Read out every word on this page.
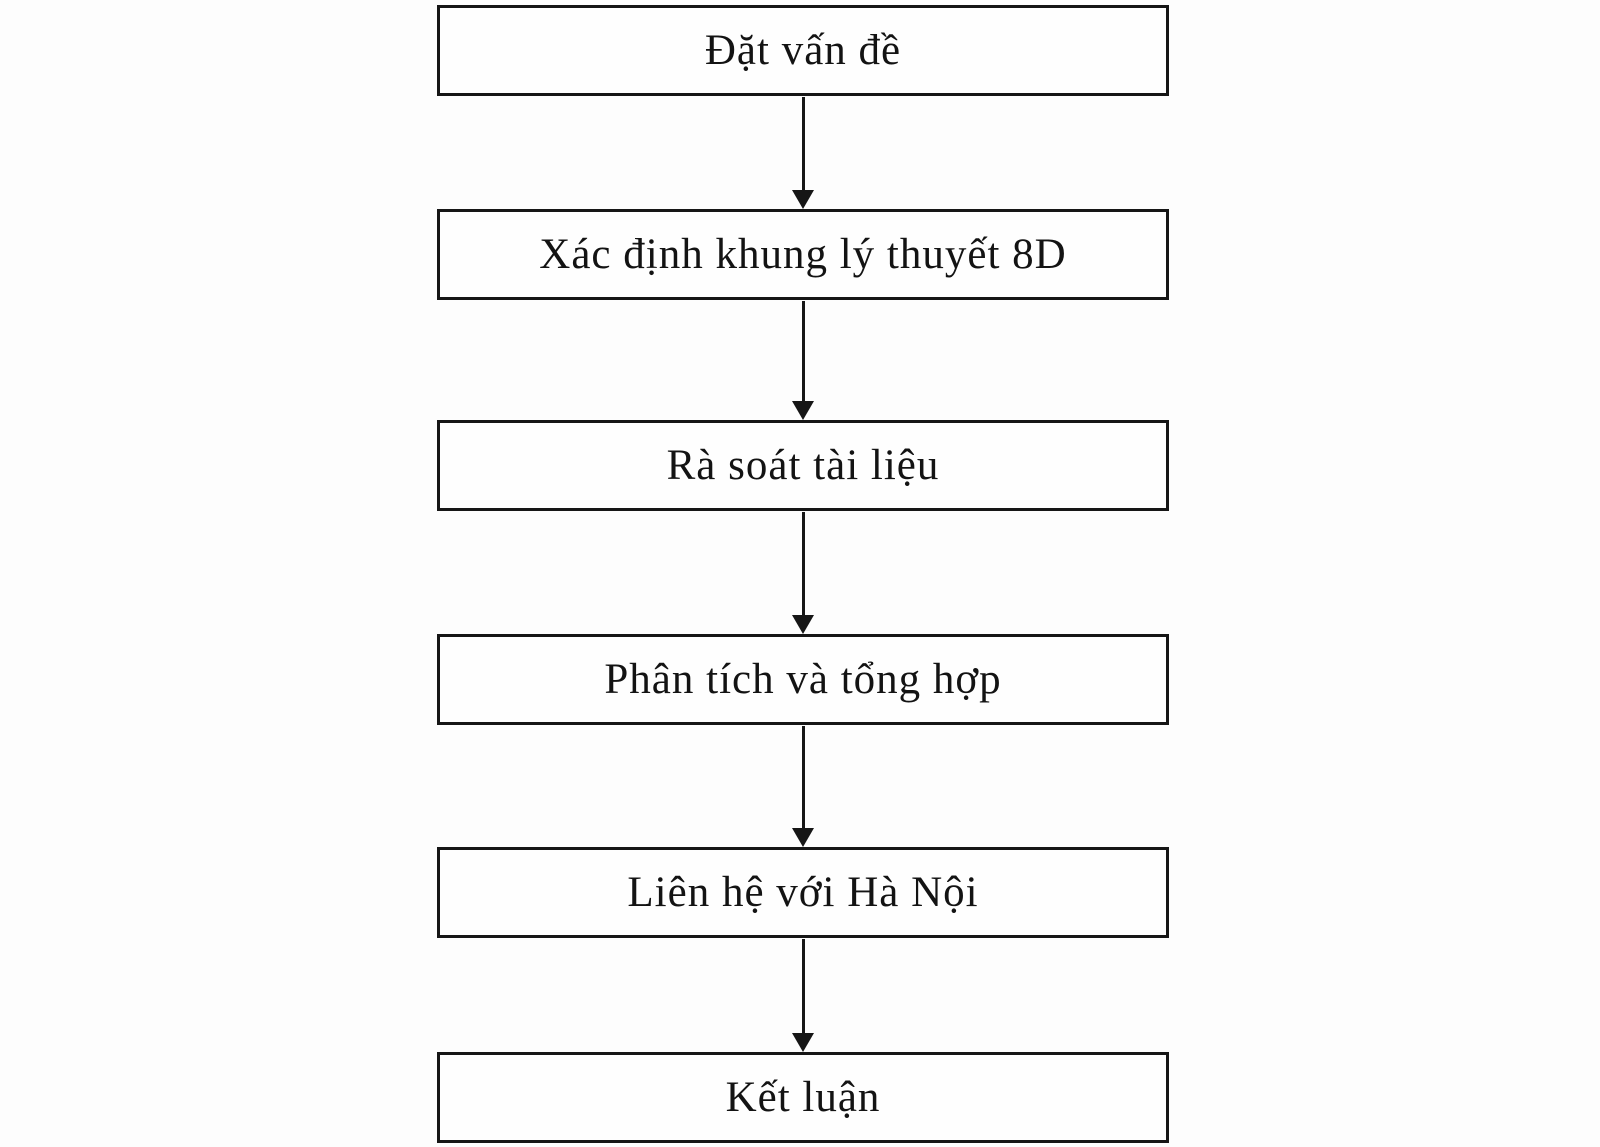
Đặt vấn đề
Xác định khung lý thuyết 8D
Rà soát tài liệu
Phân tích và tổng hợp
Liên hệ với Hà Nội
Kết luận
